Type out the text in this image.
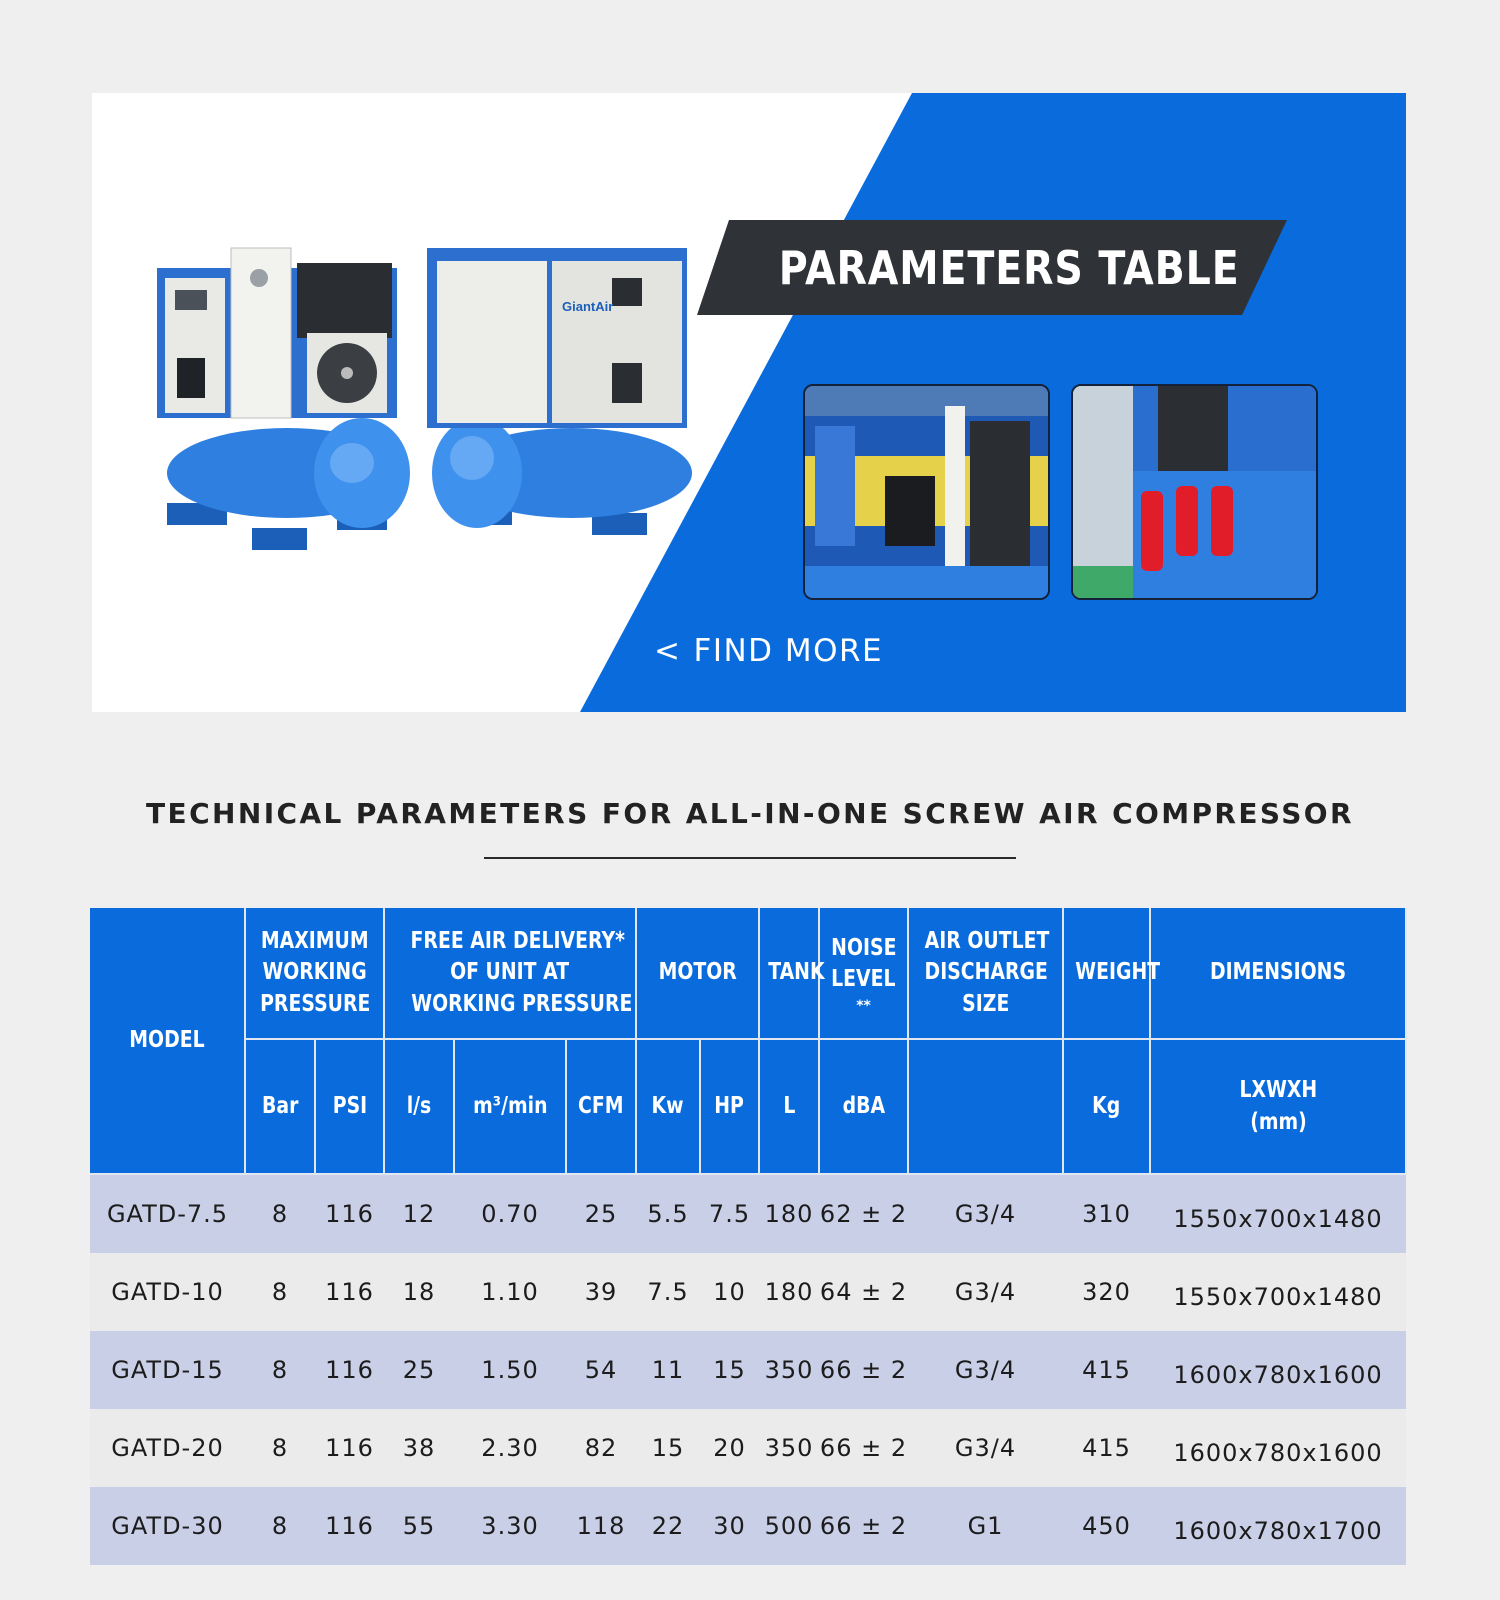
GiantAir
PARAMETERS TABLE
< FIND MORE
TECHNICAL PARAMETERS FOR ALL-IN-ONE SCREW AIR COMPRESSOR
MODEL	MAXIMUM
WORKING
PRESSURE		FREE AIR DELIVERY*
OF UNIT AT
WORKING PRESSURE			MOTOR		TANK	NOISE
LEVEL
**	AIR OUTLET
DISCHARGE
SIZE	WEIGHT	DIMENSIONS
	Bar	PSI	l/s	m³/min	CFM	Kw	HP	L	dBA		Kg	LXWXH
(mm)
GATD-7.5	8	116	12	0.70	25	5.5	7.5	180	62 ± 2	G3/4	310	1550x700x1480
GATD-10	8	116	18	1.10	39	7.5	10	180	64 ± 2	G3/4	320	1550x700x1480
GATD-15	8	116	25	1.50	54	11	15	350	66 ± 2	G3/4	415	1600x780x1600
GATD-20	8	116	38	2.30	82	15	20	350	66 ± 2	G3/4	415	1600x780x1600
GATD-30	8	116	55	3.30	118	22	30	500	66 ± 2	G1	450	1600x780x1700
